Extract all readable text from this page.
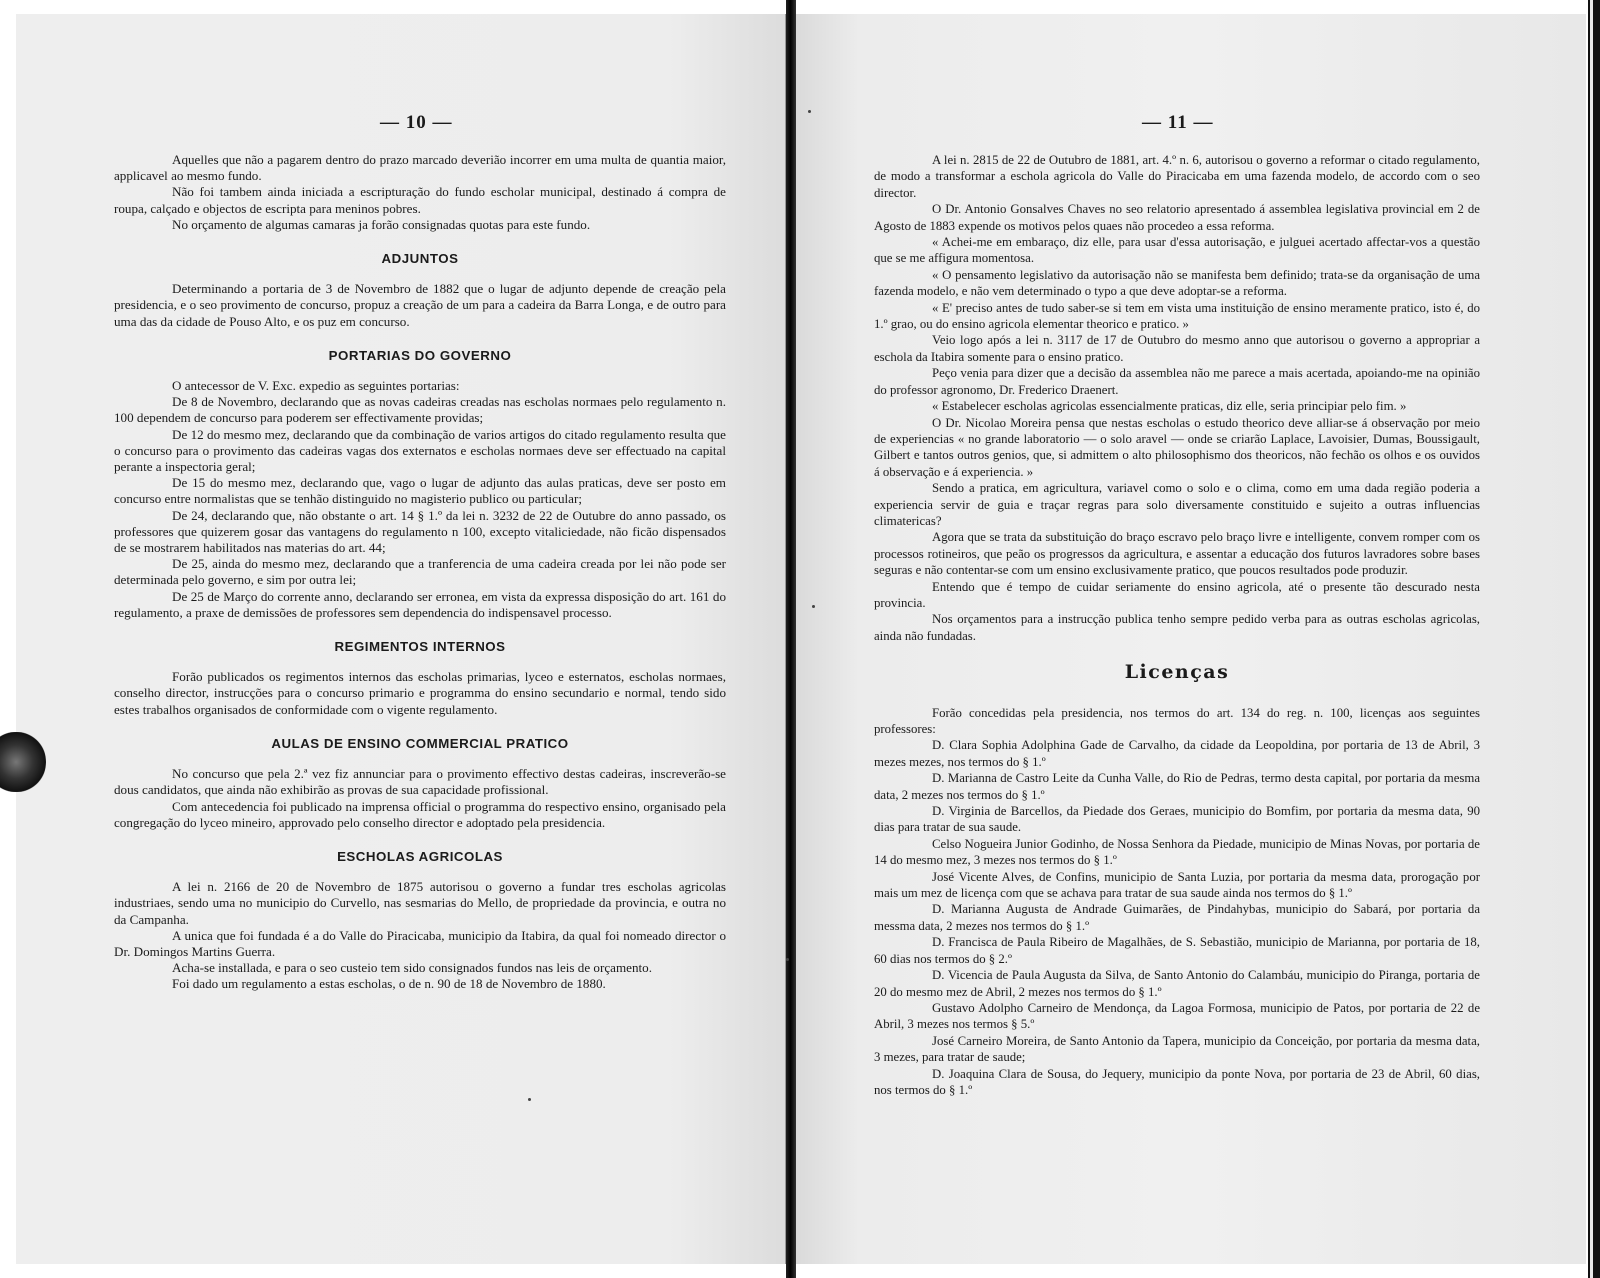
— 10 —	— 11 —

Aquelles que não a pagarem dentro do prazo marcado deverião incorrer em uma multa de quantia maior, applicavel ao mesmo fundo.

Não foi tambem ainda iniciada a escripturação do fundo escholar municipal, destinado á compra de roupa, calçado e objectos de escripta para meninos pobres.

No orçamento de algumas camaras ja forão consignadas quotas para este fundo.

ADJUNTOS

Determinando a portaria de 3 de Novembro de 1882 que o lugar de adjunto depende de creação pela presidencia, e o seo provimento de concurso, propuz a creação de um para a cadeira da Barra Longa, e de outro para uma das da cidade de Pouso Alto, e os puz em concurso.

PORTARIAS DO GOVERNO

O antecessor de V. Exc. expedio as seguintes portarias:

De 8 de Novembro, declarando que as novas cadeiras creadas nas escholas normaes pelo regulamento n. 100 dependem de concurso para poderem ser effectivamente providas;

De 12 do mesmo mez, declarando que da combinação de varios artigos do citado regulamento resulta que o concurso para o provimento das cadeiras vagas dos externatos e escholas normaes deve ser effectuado na capital perante a inspectoria geral;

De 15 do mesmo mez, declarando que, vago o lugar de adjunto das aulas praticas, deve ser posto em concurso entre normalistas que se tenhão distinguido no magisterio publico ou particular;

De 24, declarando que, não obstante o art. 14 § 1.º da lei n. 3232 de 22 de Outubre do anno passado, os professores que quizerem gosar das vantagens do regulamento n 100, excepto vitaliciedade, não ficão dispensados de se mostrarem habilitados nas materias do art. 44;

De 25, ainda do mesmo mez, declarando que a tranferencia de uma cadeira creada por lei não pode ser determinada pelo governo, e sim por outra lei;

De 25 de Março do corrente anno, declarando ser erronea, em vista da expressa disposição do art. 161 do regulamento, a praxe de demissões de professores sem dependencia do indispensavel processo.

REGIMENTOS INTERNOS

Forão publicados os regimentos internos das escholas primarias, lyceo e esternatos, escholas normaes, conselho director, instrucções para o concurso primario e programma do ensino secundario e normal, tendo sido estes trabalhos organisados de conformidade com o vigente regulamento.

AULAS DE ENSINO COMMERCIAL PRATICO

No concurso que pela 2.ª vez fiz annunciar para o provimento effectivo destas cadeiras, inscreverão-se dous candidatos, que ainda não exhibirão as provas de sua capacidade profissional.

Com antecedencia foi publicado na imprensa official o programma do respectivo ensino, organisado pela congregação do lyceo mineiro, approvado pelo conselho director e adoptado pela presidencia.

ESCHOLAS AGRICOLAS

A lei n. 2166 de 20 de Novembro de 1875 autorisou o governo a fundar tres escholas agricolas industriaes, sendo uma no municipio do Curvello, nas sesmarias do Mello, de propriedade da provincia, e outra no da Campanha.

A unica que foi fundada é a do Valle do Piracicaba, municipio da Itabira, da qual foi nomeado director o Dr. Domingos Martins Guerra.

Acha-se installada, e para o seo custeio tem sido consignados fundos nas leis de orçamento.

Foi dado um regulamento a estas escholas, o de n. 90 de 18 de Novembro de 1880.

A lei n. 2815 de 22 de Outubro de 1881, art. 4.º n. 6, autorisou o governo a reformar o citado regulamento, de modo a transformar a eschola agricola do Valle do Piracicaba em uma fazenda modelo, de accordo com o seo director.

O Dr. Antonio Gonsalves Chaves no seo relatorio apresentado á assemblea legislativa provincial em 2 de Agosto de 1883 expende os motivos pelos quaes não procedeo a essa reforma.

« Achei-me em embaraço, diz elle, para usar d'essa autorisação, e julguei acertado affectar-vos a questão que se me affigura momentosa.

« O pensamento legislativo da autorisação não se manifesta bem definido; trata-se da organisação de uma fazenda modelo, e não vem determinado o typo a que deve adoptar-se a reforma.

« E' preciso antes de tudo saber-se si tem em vista uma instituição de ensino meramente pratico, isto é, do 1.º grao, ou do ensino agricola elementar theorico e pratico. »

Veio logo após a lei n. 3117 de 17 de Outubro do mesmo anno que autorisou o governo a appropriar a eschola da Itabira somente para o ensino pratico.

Peço venia para dizer que a decisão da assemblea não me parece a mais acertada, apoiando-me na opinião do professor agronomo, Dr. Frederico Draenert.

« Estabelecer escholas agricolas essencialmente praticas, diz elle, seria principiar pelo fim. »

O Dr. Nicolao Moreira pensa que nestas escholas o estudo theorico deve alliar-se á observação por meio de experiencias « no grande laboratorio — o solo aravel — onde se criarão Laplace, Lavoisier, Dumas, Boussigault, Gilbert e tantos outros genios, que, si admittem o alto philosophismo dos theoricos, não fechão os olhos e os ouvidos á observação e á experiencia. »

Sendo a pratica, em agricultura, variavel como o solo e o clima, como em uma dada região poderia a experiencia servir de guia e traçar regras para solo diversamente constituido e sujeito a outras influencias climatericas?

Agora que se trata da substituição do braço escravo pelo braço livre e intelligente, convem romper com os processos rotineiros, que peão os progressos da agricultura, e assentar a educação dos futuros lavradores sobre bases seguras e não contentar-se com um ensino exclusivamente pratico, que poucos resultados pode produzir.

Entendo que é tempo de cuidar seriamente do ensino agricola, até o presente tão descurado nesta provincia.

Nos orçamentos para a instrucção publica tenho sempre pedido verba para as outras escholas agricolas, ainda não fundadas.

Licenças

Forão concedidas pela presidencia, nos termos do art. 134 do reg. n. 100, licenças aos seguintes professores:

D. Clara Sophia Adolphina Gade de Carvalho, da cidade da Leopoldina, por portaria de 13 de Abril, 3 mezes mezes, nos termos do § 1.º

D. Marianna de Castro Leite da Cunha Valle, do Rio de Pedras, termo desta capital, por portaria da mesma data, 2 mezes nos termos do § 1.º

D. Virginia de Barcellos, da Piedade dos Geraes, municipio do Bomfim, por portaria da mesma data, 90 dias para tratar de sua saude.

Celso Nogueira Junior Godinho, de Nossa Senhora da Piedade, municipio de Minas Novas, por portaria de 14 do mesmo mez, 3 mezes nos termos do § 1.º

José Vicente Alves, de Confins, municipio de Santa Luzia, por portaria da mesma data, prorogação por mais um mez de licença com que se achava para tratar de sua saude ainda nos termos do § 1.º

D. Marianna Augusta de Andrade Guimarães, de Pindahybas, municipio do Sabará, por portaria da messma data, 2 mezes nos termos do § 1.º

D. Francisca de Paula Ribeiro de Magalhães, de S. Sebastião, municipio de Marianna, por portaria de 18, 60 dias nos termos do § 2.º

D. Vicencia de Paula Augusta da Silva, de Santo Antonio do Calambáu, municipio do Piranga, portaria de 20 do mesmo mez de Abril, 2 mezes nos termos do § 1.º

Gustavo Adolpho Carneiro de Mendonça, da Lagoa Formosa, municipio de Patos, por portaria de 22 de Abril, 3 mezes nos termos § 5.º

José Carneiro Moreira, de Santo Antonio da Tapera, municipio da Conceição, por portaria da mesma data, 3 mezes, para tratar de saude;

D. Joaquina Clara de Sousa, do Jequery, municipio da ponte Nova, por portaria de 23 de Abril, 60 dias, nos termos do § 1.º
